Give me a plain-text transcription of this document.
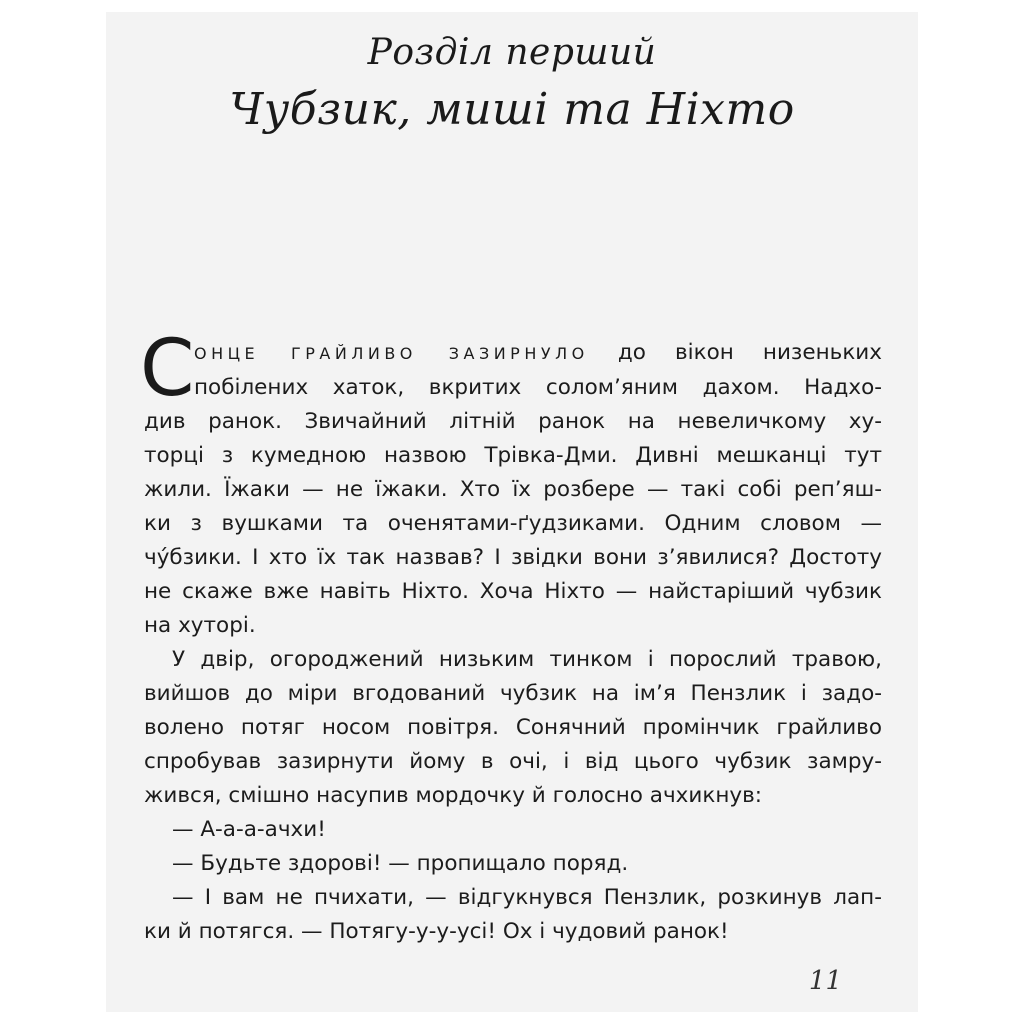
Розділ перший
Чубзик, миші та Ніхто
С ОНЦЕ ГРАЙЛИВО ЗАЗИРНУЛО до вікон низеньких
побілених хаток, вкритих солом’яним дахом. Надхо-
див ранок. Звичайний літній ранок на невеличкому ху-
торці з кумедною назвою Трівка-Дми. Дивні мешканці тут
жили. Їжаки — не їжаки. Хто їх розбере — такі собі реп’яш-
ки з вушками та оченятами-ґудзиками. Одним словом —
чу́бзики. І хто їх так назвав? І звідки вони з’явилися? Достоту
не скаже вже навіть Ніхто. Хоча Ніхто — найстаріший чубзик
на хуторі.
У двір, огороджений низьким тинком і порослий травою,
вийшов до міри вгодований чубзик на ім’я Пензлик і задо-
волено потяг носом повітря. Сонячний промінчик грайливо
спробував зазирнути йому в очі, і від цього чубзик замру-
жився, смішно насупив мордочку й голосно ачхикнув:
— А-а-а-ачхи!
— Будьте здорові! — пропищало поряд.
— І вам не пчихати, — відгукнувся Пензлик, розкинув лап-
ки й потягся. — Потягу-у-у-усі! Ох і чудовий ранок!
11
